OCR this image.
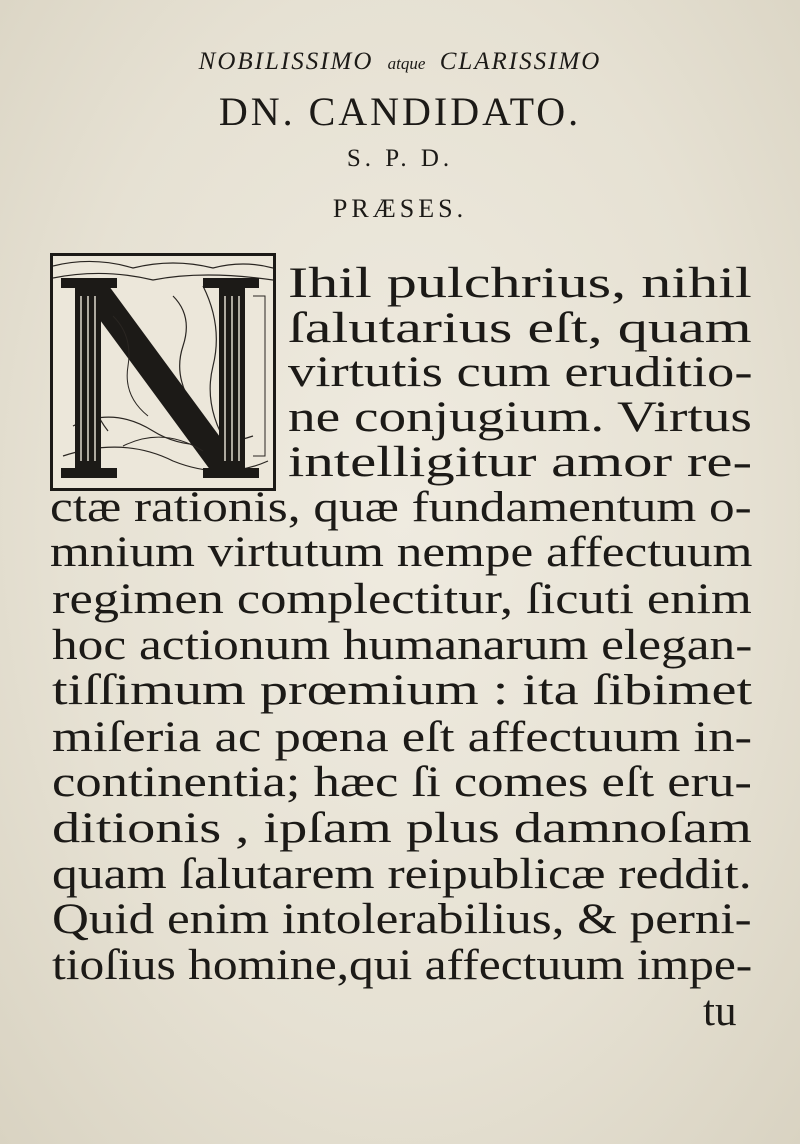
NOBILISSIMO atque CLARISSIMO
DN. CANDIDATO.
S. P. D.
PRÆSES.
Ihil pulchrius, nihil
ſalutarius eſt, quam
virtutis cum eruditio-
ne conjugium. Virtus
intelligitur amor re-
ctæ rationis, quæ fundamentum o-
mnium virtutum nempe affectuum
regimen complectitur, ſicuti enim
hoc actionum humanarum elegan-
tiſſimum prœmium : ita ſibimet
miſeria ac pœna eſt affectuum in-
continentia; hæc ſi comes eſt eru-
ditionis , ipſam plus damnoſam
quam ſalutarem reipublicæ reddit.
Quid enim intolerabilius, & perni-
tioſius homine,qui affectuum impe-
tu
